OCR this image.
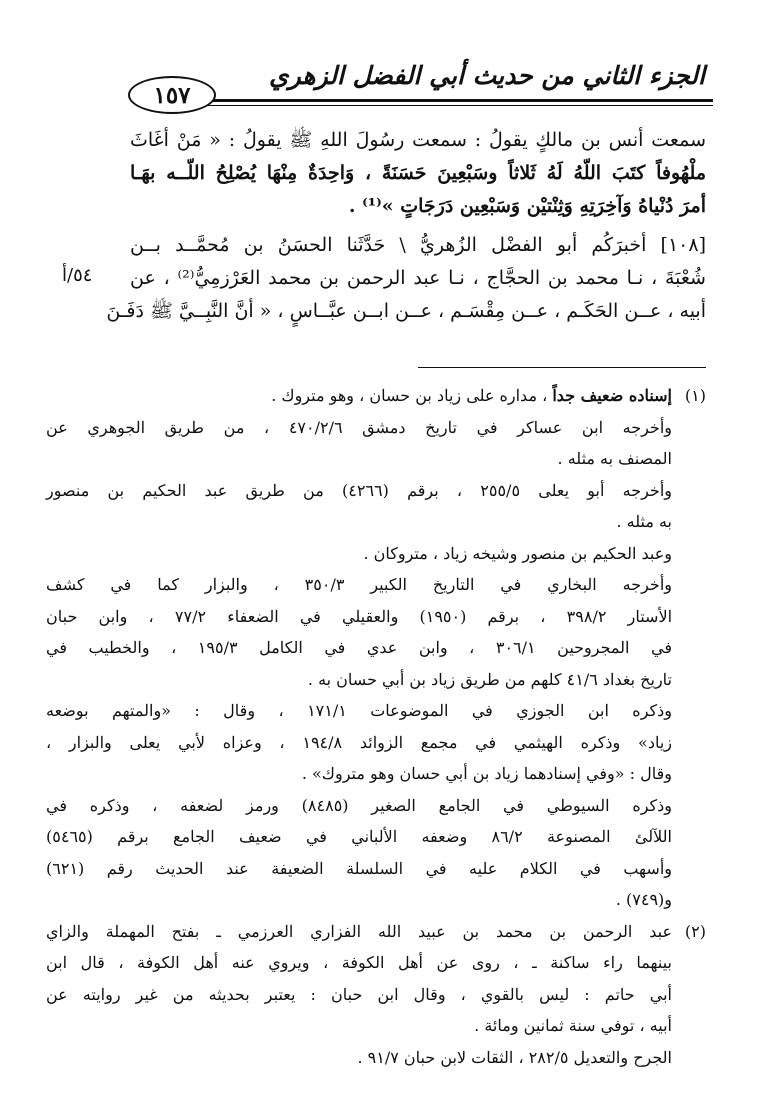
١٥٧
الجزء الثاني من حديث أبي الفضل الزهري

سمعت أنس بن مالكٍ يقولُ : سمعت رسُولَ اللهِ ﷺ يقولُ : « مَنْ أغَاثَ
ملْهُوفاً كتَبَ اللّهُ لَهُ ثَلاثاً وسَبْعِينَ حَسَنَةً ، وَاحِدَةٌ مِنْهَا يُصْلِحُ اللّــه بهَـا
أمرَ دُنْياهُ وَآخِرَتِهِ وَثِنْتيْن وَسَبْعِين دَرَجَاتٍ »⁽¹⁾ .

[١٠٨] أخبرَكُم أبو الفضْل الزُهريُّ \ حَدَّثَنا الحسَنُ بن مُحمَّــد بــن
شُعْبَةَ ، نـا محمد بن الحجَّاج ، نـا عبد الرحمن بن محمد العَرْزمِيُّ⁽²⁾ ، عن
أبيه ، عــن الحَكَـم ، عــن مِقْسَـم ، عــن ابــن عبَّــاسٍ ، « أنَّ النَّبِــيَّ ﷺ دَفَـنَ

٥٤/أ
(١)
إسناده ضعيف جداً ، مداره على زياد بن حسان ، وهو متروك .
وأخرجه ابن عساكر في تاريخ دمشق ٤٧٠/٢/٦ ، من طريق الجوهري عن
المصنف به مثله .
وأخرجه أبو يعلى ٢٥٥/٥ ، برقم (٤٢٦٦) من طريق عبد الحكيم بن منصور
به مثله .
وعبد الحكيم بن منصور وشيخه زياد ، متروكان .
وأخرجه البخاري في التاريخ الكبير ٣٥٠/٣ ، والبزار كما في كشف
الأستار ٣٩٨/٢ ، برقم (١٩٥٠) والعقيلي في الضعفاء ٧٧/٢ ، وابن حبان
في المجروحين ٣٠٦/١ ، وابن عدي في الكامل ١٩٥/٣ ، والخطيب في
تاريخ بغداد ٤١/٦ كلهم من طريق زياد بن أبي حسان به .
وذكره ابن الجوزي في الموضوعات ١٧١/١ ، وقال : «والمتهم بوضعه
زياد» وذكره الهيثمي في مجمع الزوائد ١٩٤/٨ ، وعزاه لأبي يعلى والبزار ،
وقال : «وفي إسنادهما زياد بن أبي حسان وهو متروك» .
وذكره السيوطي في الجامع الصغير (٨٤٨٥) ورمز لضعفه ، وذكره في
اللآلئ المصنوعة ٨٦/٢ وضعفه الألباني في ضعيف الجامع برقم (٥٤٦٥)
وأسهب في الكلام عليه في السلسلة الضعيفة عند الحديث رقم (٦٢١)
و(٧٤٩) .
(٢)
عبد الرحمن بن محمد بن عبيد الله الفزاري العرزمي ـ بفتح المهملة والزاي
بينهما راء ساكنة ـ ، روى عن أهل الكوفة ، ويروي عنه أهل الكوفة ، قال ابن
أبي حاتم : ليس بالقوي ، وقال ابن حبان : يعتبر بحديثه من غير روايته عن
أبيه ، توفي سنة ثمانين ومائة .
الجرح والتعديل ٢٨٢/٥ ، الثقات لابن حبان ٩١/٧ .
